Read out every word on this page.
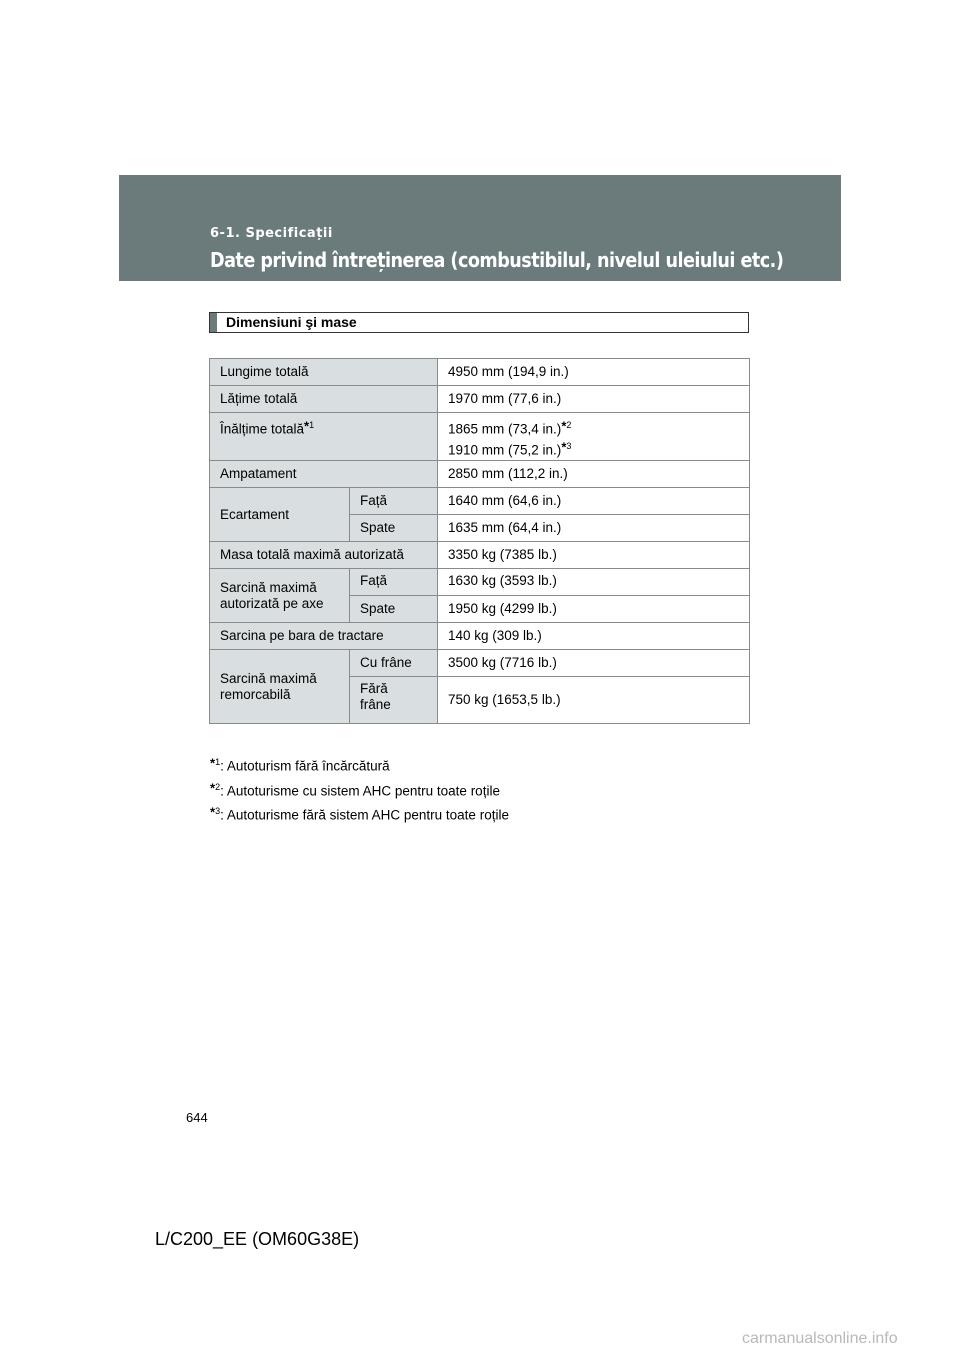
6-1. Specificații
Date privind întreținerea (combustibilul, nivelul uleiului etc.)
Dimensiuni şi mase
Lungime totală		4950 mm (194,9 in.)
Lățime totală		1970 mm (77,6 in.)
Înălțime totală*$^1$		1865 mm (73,4 in.)*$^2$
1910 mm (75,2 in.)*$^3$
Ampatament		2850 mm (112,2 in.)
Ecartament	Față	1640 mm (64,6 in.)
	Spate	1635 mm (64,4 in.)
Masa totală maximă autorizată		3350 kg (7385 lb.)
Sarcină maximă
autorizată pe axe	Față	1630 kg (3593 lb.)
	Spate	1950 kg (4299 lb.)
Sarcina pe bara de tractare		140 kg (309 lb.)
Sarcină maximă
remorcabilă	Cu frâne	3500 kg (7716 lb.)
	Fără
frâne	750 kg (1653,5 lb.)
*$^1$: Autoturism fără încărcătură
*$^2$: Autoturisme cu sistem AHC pentru toate roțile
*$^3$: Autoturisme fără sistem AHC pentru toate roțile
644
L/C200_EE (OM60G38E)
carmanualsonline.info
